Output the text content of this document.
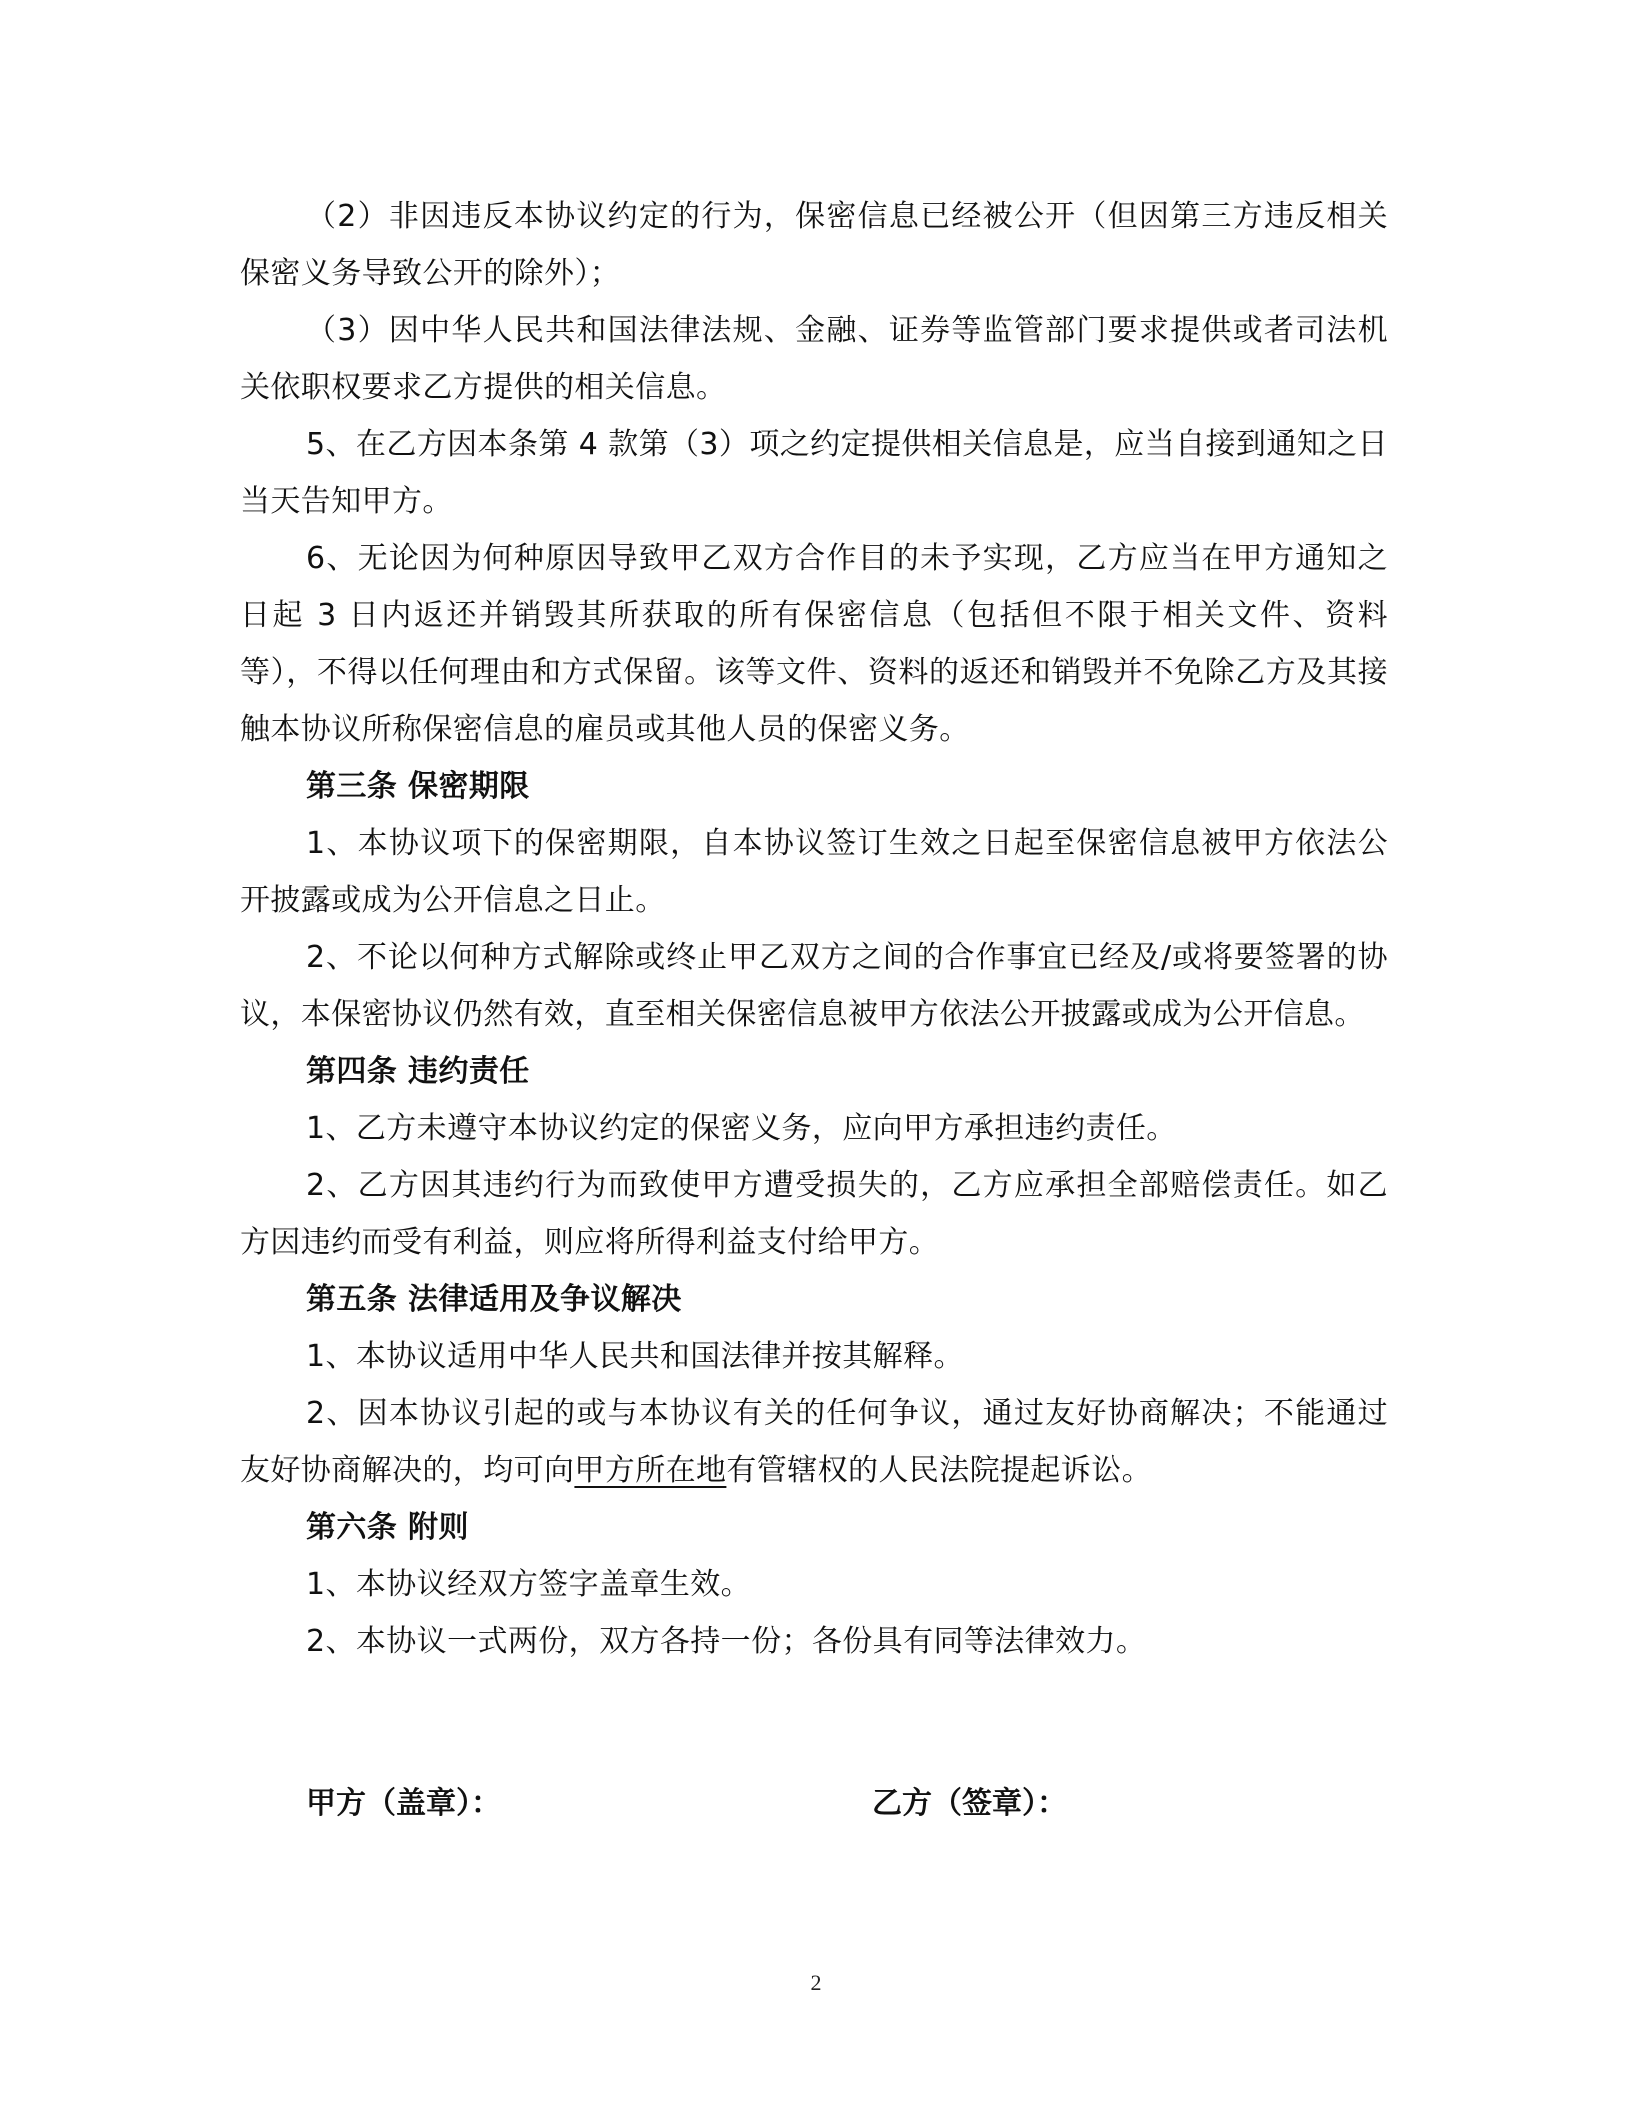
（2）非因违反本协议约定的行为，保密信息已经被公开（但因第三方违反相关保密义务导致公开的除外）；

（3）因中华人民共和国法律法规、金融、证券等监管部门要求提供或者司法机关依职权要求乙方提供的相关信息。

5、在乙方因本条第 4 款第（3）项之约定提供相关信息是，应当自接到通知之日当天告知甲方。

6、无论因为何种原因导致甲乙双方合作目的未予实现，乙方应当在甲方通知之日起 3 日内返还并销毁其所获取的所有保密信息（包括但不限于相关文件、资料等），不得以任何理由和方式保留。该等文件、资料的返还和销毁并不免除乙方及其接触本协议所称保密信息的雇员或其他人员的保密义务。

第三条 保密期限

1、本协议项下的保密期限，自本协议签订生效之日起至保密信息被甲方依法公开披露或成为公开信息之日止。

2、不论以何种方式解除或终止甲乙双方之间的合作事宜已经及/或将要签署的协议，本保密协议仍然有效，直至相关保密信息被甲方依法公开披露或成为公开信息。

第四条 违约责任

1、乙方未遵守本协议约定的保密义务，应向甲方承担违约责任。

2、乙方因其违约行为而致使甲方遭受损失的，乙方应承担全部赔偿责任。如乙方因违约而受有利益，则应将所得利益支付给甲方。

第五条 法律适用及争议解决

1、本协议适用中华人民共和国法律并按其解释。

2、因本协议引起的或与本协议有关的任何争议，通过友好协商解决；不能通过友好协商解决的，均可向甲方所在地有管辖权的人民法院提起诉讼。

第六条 附则

1、本协议经双方签字盖章生效。

2、本协议一式两份，双方各持一份；各份具有同等法律效力。

甲方（盖章）：	乙方（签章）：
2
